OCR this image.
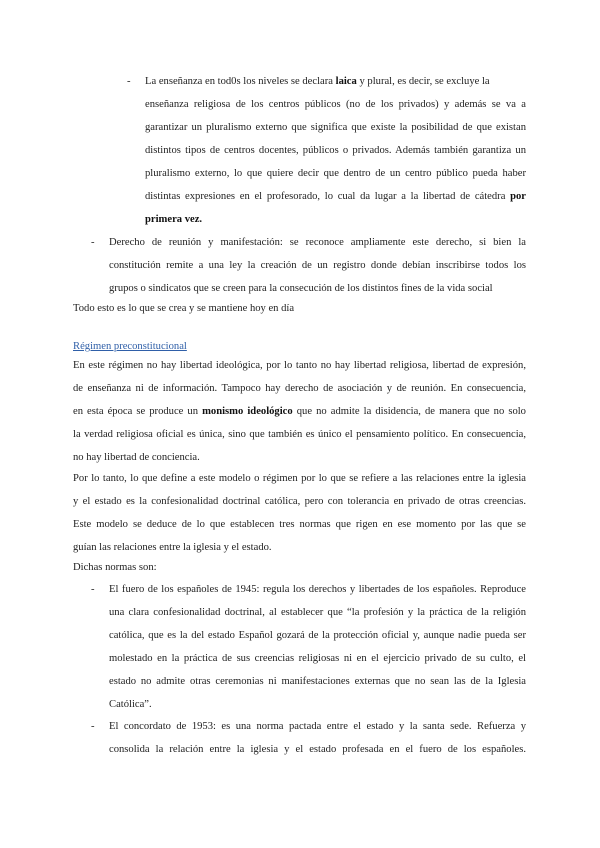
- La enseñanza en tod0s los niveles se declara laica y plural, es decir, se excluye la
enseñanza religiosa de los centros públicos (no de los privados) y además se va a
garantizar un pluralismo externo que significa que existe la posibilidad de que existan
distintos tipos de centros docentes, públicos o privados. Además también garantiza un
pluralismo externo, lo que quiere decir que dentro de un centro público pueda haber
distintas expresiones en el profesorado, lo cual da lugar a la libertad de cátedra por
primera vez.
- Derecho de reunión y manifestación: se reconoce ampliamente este derecho, si bien la
constitución remite a una ley la creación de un registro donde debían inscribirse todos los
grupos o sindicatos que se creen para la consecución de los distintos fines de la vida social
Todo esto es lo que se crea y se mantiene hoy en día
Régimen preconstitucional
En este régimen no hay libertad ideológica, por lo tanto no hay libertad religiosa, libertad de expresión,
de enseñanza ni de información. Tampoco hay derecho de asociación y de reunión. En consecuencia,
en esta época se produce un monismo ideológico que no admite la disidencia, de manera que no solo
la verdad religiosa oficial es única, sino que también es único el pensamiento político. En consecuencia,
no hay libertad de conciencia.
Por lo tanto, lo que define a este modelo o régimen por lo que se refiere a las relaciones entre la iglesia
y el estado es la confesionalidad doctrinal católica, pero con tolerancia en privado de otras creencias.
Este modelo se deduce de lo que establecen tres normas que rigen en ese momento por las que se
guían las relaciones entre la iglesia y el estado.
Dichas normas son:
- El fuero de los españoles de 1945: regula los derechos y libertades de los españoles. Reproduce
una clara confesionalidad doctrinal, al establecer que “la profesión y la práctica de la religión
católica, que es la del estado Español gozará de la protección oficial y, aunque nadie pueda ser
molestado en la práctica de sus creencias religiosas ni en el ejercicio privado de su culto, el
estado no admite otras ceremonias ni manifestaciones externas que no sean las de la Iglesia
Católica”.
- El concordato de 1953: es una norma pactada entre el estado y la santa sede. Refuerza y
consolida la relación entre la iglesia y el estado profesada en el fuero de los españoles.
